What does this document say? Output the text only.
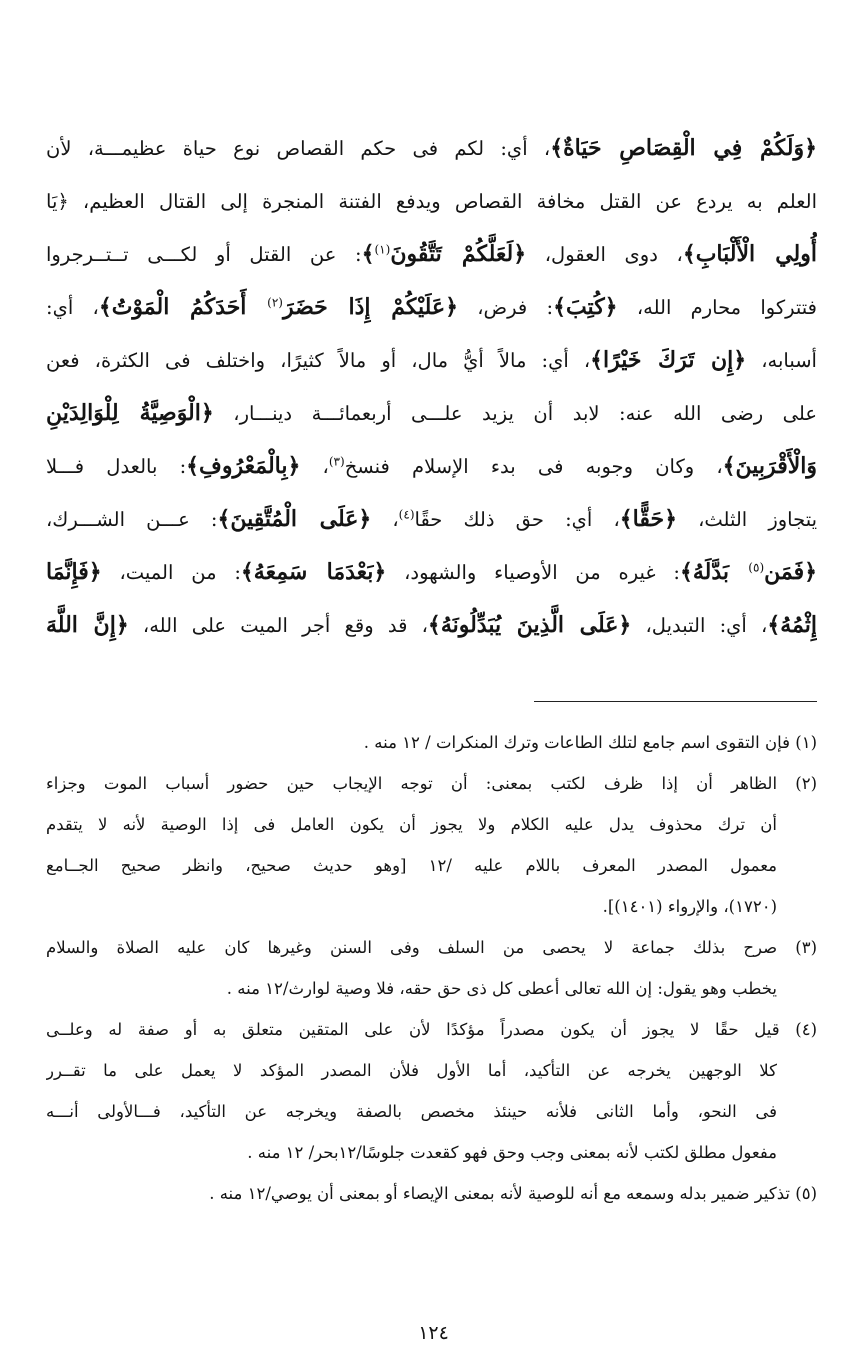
﴿وَلَكُمْ فِي الْقِصَاصِ حَيَاةٌ﴾، أي: لكم فى حكم القصاص نوع حياة عظيمـــة، لأن

العلم به يردع عن القتل مخافة القصاص ويدفع الفتنة المنجرة إلى القتال العظيم، ﴿يَا

أُولِي الْأَلْبَابِ﴾، دوى العقول، ﴿لَعَلَّكُمْ تَتَّقُونَ$^{(١)}$﴾: عن القتل أو لكـــى تــتــرجروا

فتتركوا محارم الله، ﴿كُتِبَ﴾: فرض، ﴿عَلَيْكُمْ إِذَا حَضَرَ$^{(٢)}$ أَحَدَكُمُ الْمَوْتُ﴾، أي:

أسبابه، ﴿إِن تَرَكَ خَيْرًا﴾، أي: مالاً أيُّ مال، أو مالاً كثيرًا، واختلف فى الكثرة، فعن

على رضى الله عنه: لابد أن يزيد علـــى أربعمائـــة دينـــار، ﴿الْوَصِيَّةُ لِلْوَالِدَيْنِ

وَالْأَقْرَبِينَ﴾، وكان وجوبه فى بدء الإسلام فنسخ$^{(٣)}$، ﴿بِالْمَعْرُوفِ﴾: بالعدل فـــلا

يتجاوز الثلث، ﴿حَقًّا﴾، أي: حق ذلك حقًا$^{(٤)}$، ﴿عَلَى الْمُتَّقِينَ﴾: عـــن الشـــرك،

﴿فَمَن$^{(٥)}$ بَدَّلَهُ﴾: غيره من الأوصياء والشهود، ﴿بَعْدَمَا سَمِعَهُ﴾: من الميت، ﴿فَإِنَّمَا

إِثْمُهُ﴾، أي: التبديل، ﴿عَلَى الَّذِينَ يُبَدِّلُونَهُ﴾، قد وقع أجر الميت على الله، ﴿إِنَّ اللَّهَ

(١) فإن التقوى اسم جامع لتلك الطاعات وترك المنكرات / ١٢ منه .
(٢) الظاهر أن إذا ظرف لكتب بمعنى: أن توجه الإيجاب حين حضور أسباب الموت وجزاء
أن ترك محذوف يدل عليه الكلام ولا يجوز أن يكون العامل فى إذا الوصية لأنه لا يتقدم
معمول المصدر المعرف باللام عليه /١٢ [وهو حديث صحيح، وانظر صحيح الجــامع
(١٧٢٠)، والإرواء (١٤٠١)].
(٣) صرح بذلك جماعة لا يحصى من السلف وفى السنن وغيرها كان عليه الصلاة والسلام
يخطب وهو يقول: إن الله تعالى أعطى كل ذى حق حقه، فلا وصية لوارث/١٢ منه .
(٤) قيل حقًا لا يجوز أن يكون مصدراً مؤكدًا لأن على المتقين متعلق به أو صفة له وعلــى
كلا الوجهين يخرجه عن التأكيد، أما الأول فلأن المصدر المؤكد لا يعمل على ما تقــرر
فى النحو، وأما الثانى فلأنه حينئذ مخصص بالصفة ويخرجه عن التأكيد، فـــالأولى أنـــه
مفعول مطلق لكتب لأنه بمعنى وجب وحق فهو كقعدت جلوسًا/١٢بحر/ ١٢ منه .
(٥) تذكير ضمير بدله وسمعه مع أنه للوصية لأنه بمعنى الإيصاء أو بمعنى أن يوصي/١٢ منه .
١٢٤
